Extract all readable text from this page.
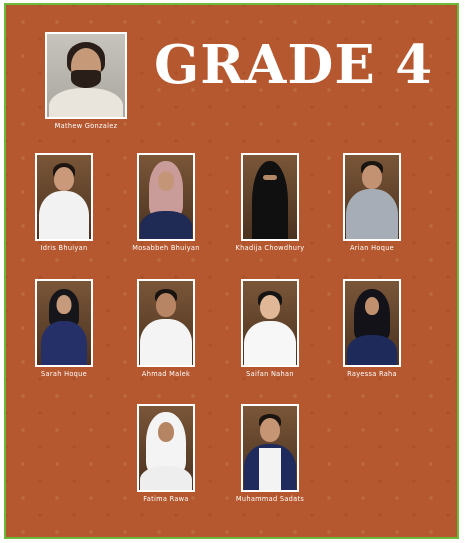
GRADE 4
Mathew Gonzalez
Idris Bhuiyan	Mosabbeh Bhuiyan	Khadija Chowdhury	Arian Hoque
Sarah Hoque	Ahmad Malek	Saifan Nahan	Rayessa Raha
Fatima Rawa	Muhammad Sadats
